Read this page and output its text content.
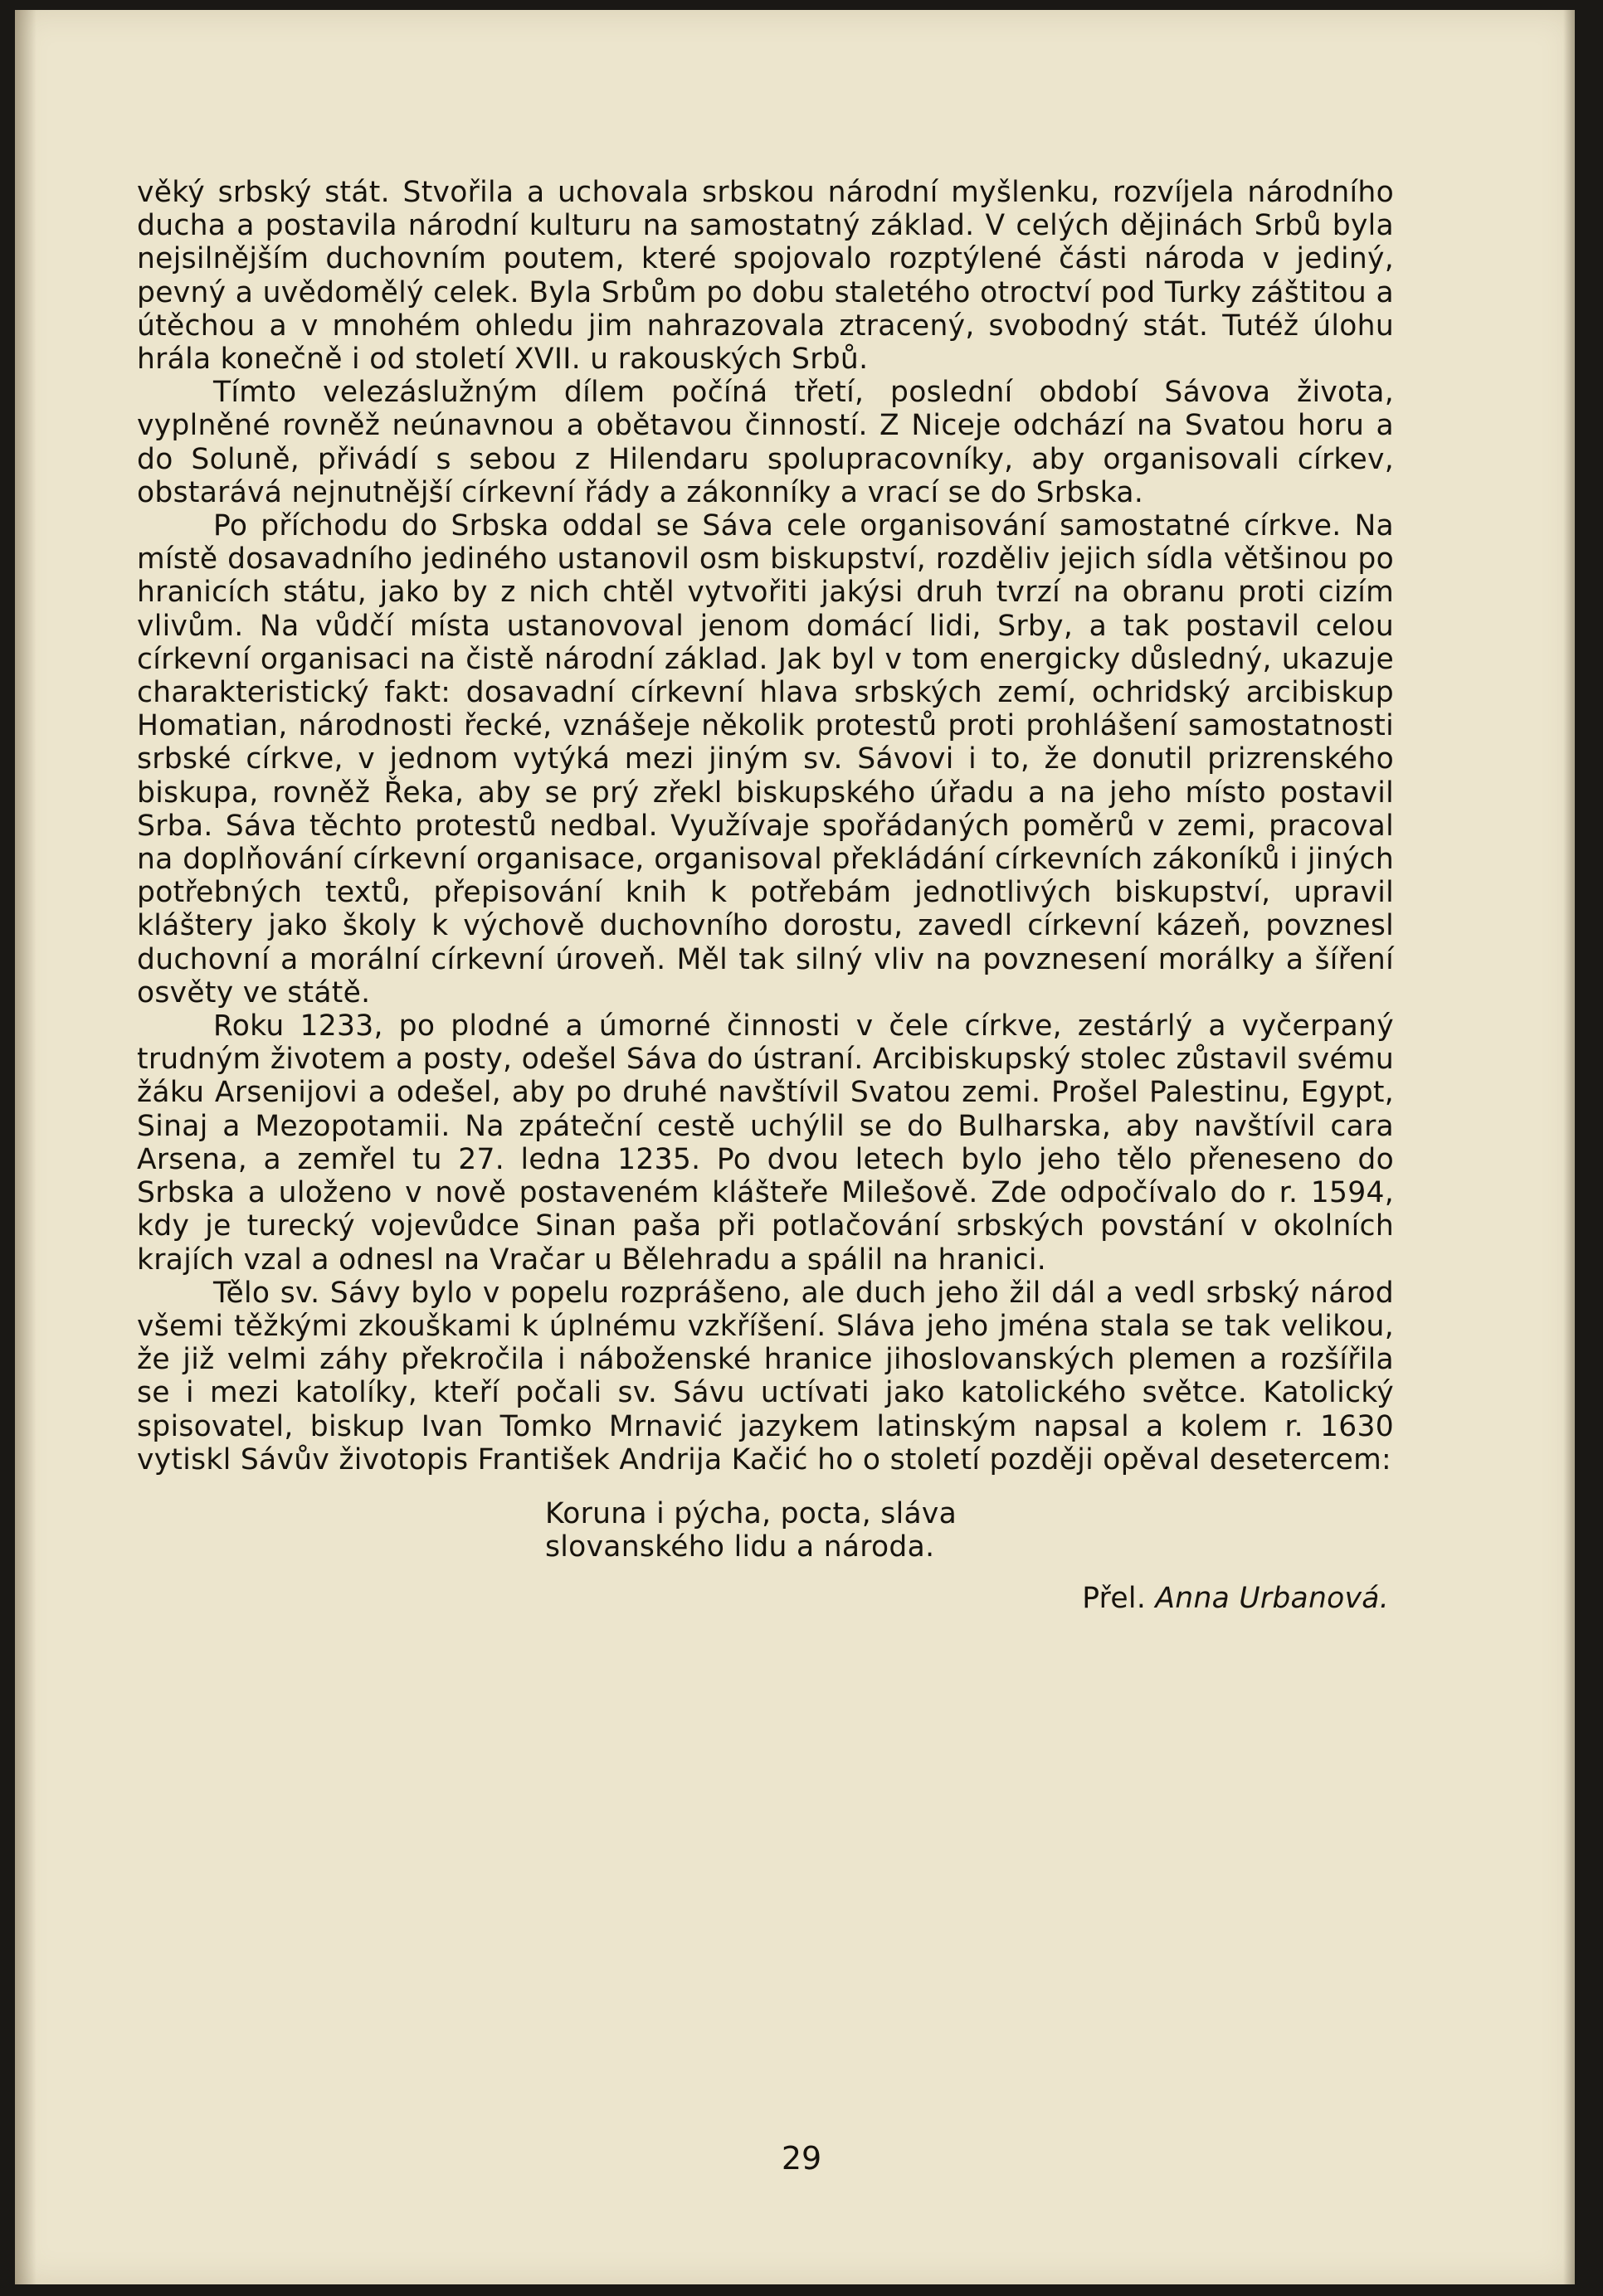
věký srbský stát. Stvořila a uchovala srbskou národní myšlenku, rozvíjela národního ducha a postavila národní kulturu na samostatný základ. V celých dějinách Srbů byla nejsilnějším duchovním poutem, které spojovalo rozptýlené části národa v jediný, pevný a uvědomělý celek. Byla Srbům po dobu staletého otroctví pod Turky záštitou a útěchou a v mnohém ohledu jim nahrazovala ztracený, svobodný stát. Tutéž úlohu hrála konečně i od století XVII. u rakouských Srbů.

Tímto velezáslužným dílem počíná třetí, poslední období Sávova života, vyplněné rovněž neúnavnou a obětavou činností. Z Niceje odchází na Svatou horu a do Soluně, přivádí s sebou z Hilendaru spolupracovníky, aby organisovali církev, obstarává nejnutnější církevní řády a zákonníky a vrací se do Srbska.

Po příchodu do Srbska oddal se Sáva cele organisování samostatné církve. Na místě dosavadního jediného ustanovil osm biskupství, rozděliv jejich sídla většinou po hranicích státu, jako by z nich chtěl vytvořiti jakýsi druh tvrzí na obranu proti cizím vlivům. Na vůdčí místa ustanovoval jenom domácí lidi, Srby, a tak postavil celou církevní organisaci na čistě národní základ. Jak byl v tom energicky důsledný, ukazuje charakteristický fakt: dosavadní církevní hlava srbských zemí, ochridský arcibiskup Homatian, národnosti řecké, vznášeje několik protestů proti prohlášení samostatnosti srbské církve, v jednom vytýká mezi jiným sv. Sávovi i to, že donutil prizrenského biskupa, rovněž Řeka, aby se prý zřekl biskupského úřadu a na jeho místo postavil Srba. Sáva těchto protestů nedbal. Využívaje spořádaných poměrů v zemi, pracoval na doplňování církevní organisace, organisoval překládání církevních zákoníků i jiných potřebných textů, přepisování knih k potřebám jednotlivých biskupství, upravil kláštery jako školy k výchově duchovního dorostu, zavedl církevní kázeň, povznesl duchovní a morální církevní úroveň. Měl tak silný vliv na povznesení morálky a šíření osvěty ve státě.

Roku 1233, po plodné a úmorné činnosti v čele církve, zestárlý a vyčerpaný trudným životem a posty, odešel Sáva do ústraní. Arcibiskupský stolec zůstavil svému žáku Arsenijovi a odešel, aby po druhé navštívil Svatou zemi. Prošel Palestinu, Egypt, Sinaj a Mezopotamii. Na zpáteční cestě uchýlil se do Bulharska, aby navštívil cara Arsena, a zemřel tu 27. ledna 1235. Po dvou letech bylo jeho tělo přeneseno do Srbska a uloženo v nově postaveném klášteře Milešově. Zde odpočívalo do r. 1594, kdy je turecký vojevůdce Sinan paša při potlačování srbských povstání v okolních krajích vzal a odnesl na Vračar u Bělehradu a spálil na hranici.

Tělo sv. Sávy bylo v popelu rozprášeno, ale duch jeho žil dál a vedl srbský národ všemi těžkými zkouškami k úplnému vzkříšení. Sláva jeho jména stala se tak velikou, že již velmi záhy překročila i náboženské hranice jihoslovanských plemen a rozšířila se i mezi katolíky, kteří počali sv. Sávu uctívati jako katolického světce. Katolický spisovatel, biskup Ivan Tomko Mrnavić jazykem latinským napsal a kolem r. 1630 vytiskl Sávův životopis František Andrija Kačić ho o století později opěval desetercem:

Koruna i pýcha, pocta, sláva
slovanského lidu a národa.
Přel. Anna Urbanová.
29
